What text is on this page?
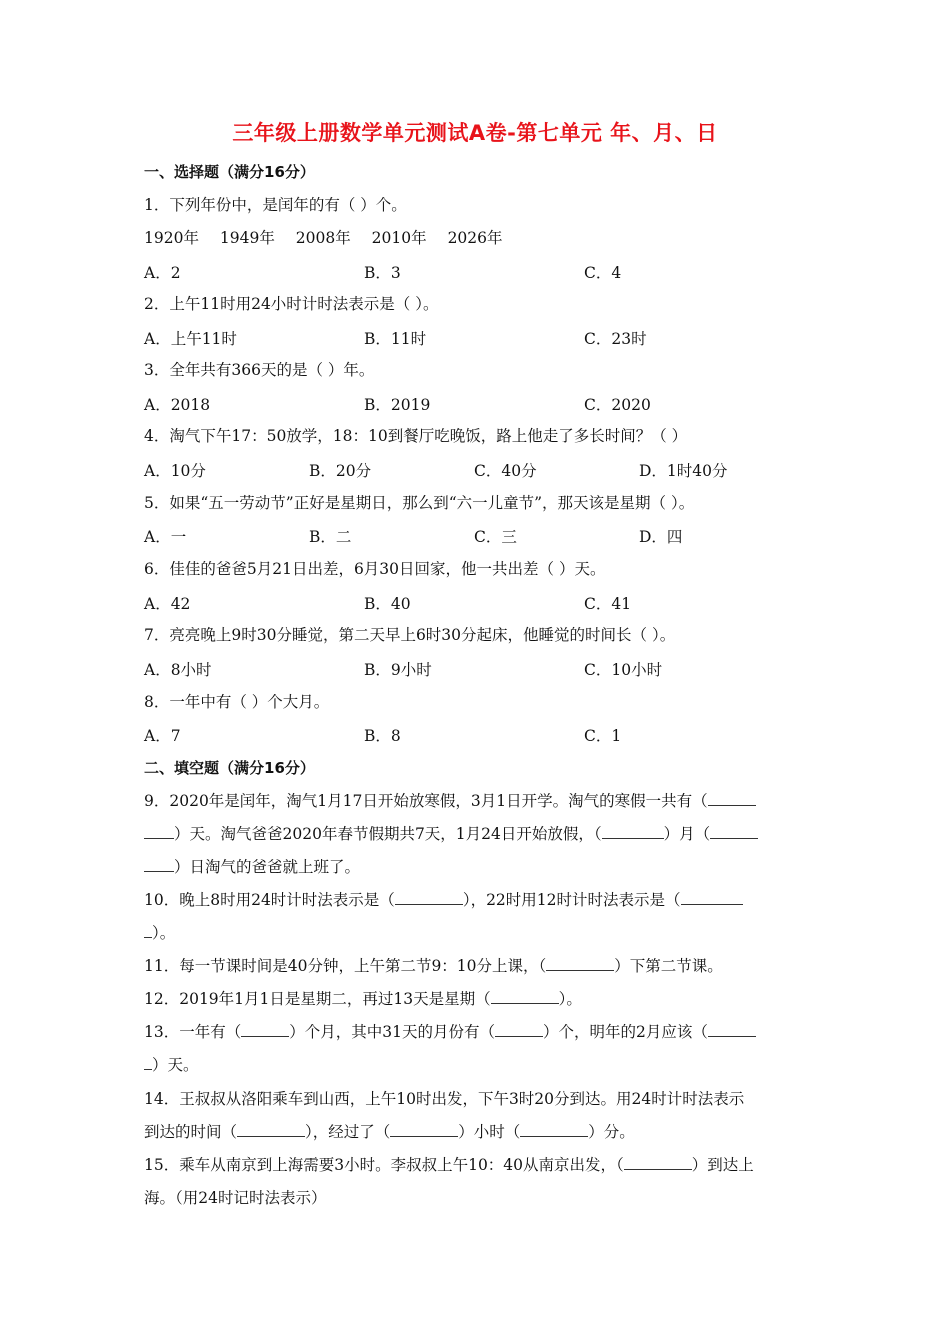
三年级上册数学单元测试A卷-第七单元 年、月、日
一、选择题（满分16分）
1．下列年份中，是闰年的有（ ）个。
1920年 1949年 2008年 2010年 2026年
A．2	B．3	C．4
2．上午11时用24小时计时法表示是（ ）。
A．上午11时	B．11时	C．23时
3．全年共有366天的是（ ）年。
A．2018	B．2019	C．2020
4．淘气下午17：50放学，18：10到餐厅吃晚饭，路上他走了多长时间？（ ）
A．10分	B．20分	C．40分	D．1时40分
5．如果“五一劳动节”正好是星期日，那么到“六一儿童节”，那天该是星期（ ）。
A．一	B．二	C．三	D．四
6．佳佳的爸爸5月21日出差，6月30日回家，他一共出差（ ）天。
A．42	B．40	C．41
7．亮亮晚上9时30分睡觉，第二天早上6时30分起床，他睡觉的时间长（ ）。
A．8小时	B．9小时	C．10小时
8．一年中有（ ）个大月。
A．7	B．8	C．1
二、填空题（满分16分）
9．2020年是闰年，淘气1月17日开始放寒假，3月1日开学。淘气的寒假一共有（
）天。淘气爸爸2020年春节假期共7天，1月24日开始放假，（	）月（
）日淘气的爸爸就上班了。
10．晚上8时用24时计时法表示是（	），22时用12时计时法表示是（
）。
11．每一节课时间是40分钟，上午第二节9：10分上课，（	）下第二节课。
12．2019年1月1日是星期二，再过13天是星期（	）。
13．一年有（	）个月，其中31天的月份有（	）个，明年的2月应该（
）天。
14．王叔叔从洛阳乘车到山西，上午10时出发，下午3时20分到达。用24时计时法表示
到达的时间（	），经过了（	）小时（	）分。
15．乘车从南京到上海需要3小时。李叔叔上午10：40从南京出发，（	）到达上
海。（用24时记时法表示）
